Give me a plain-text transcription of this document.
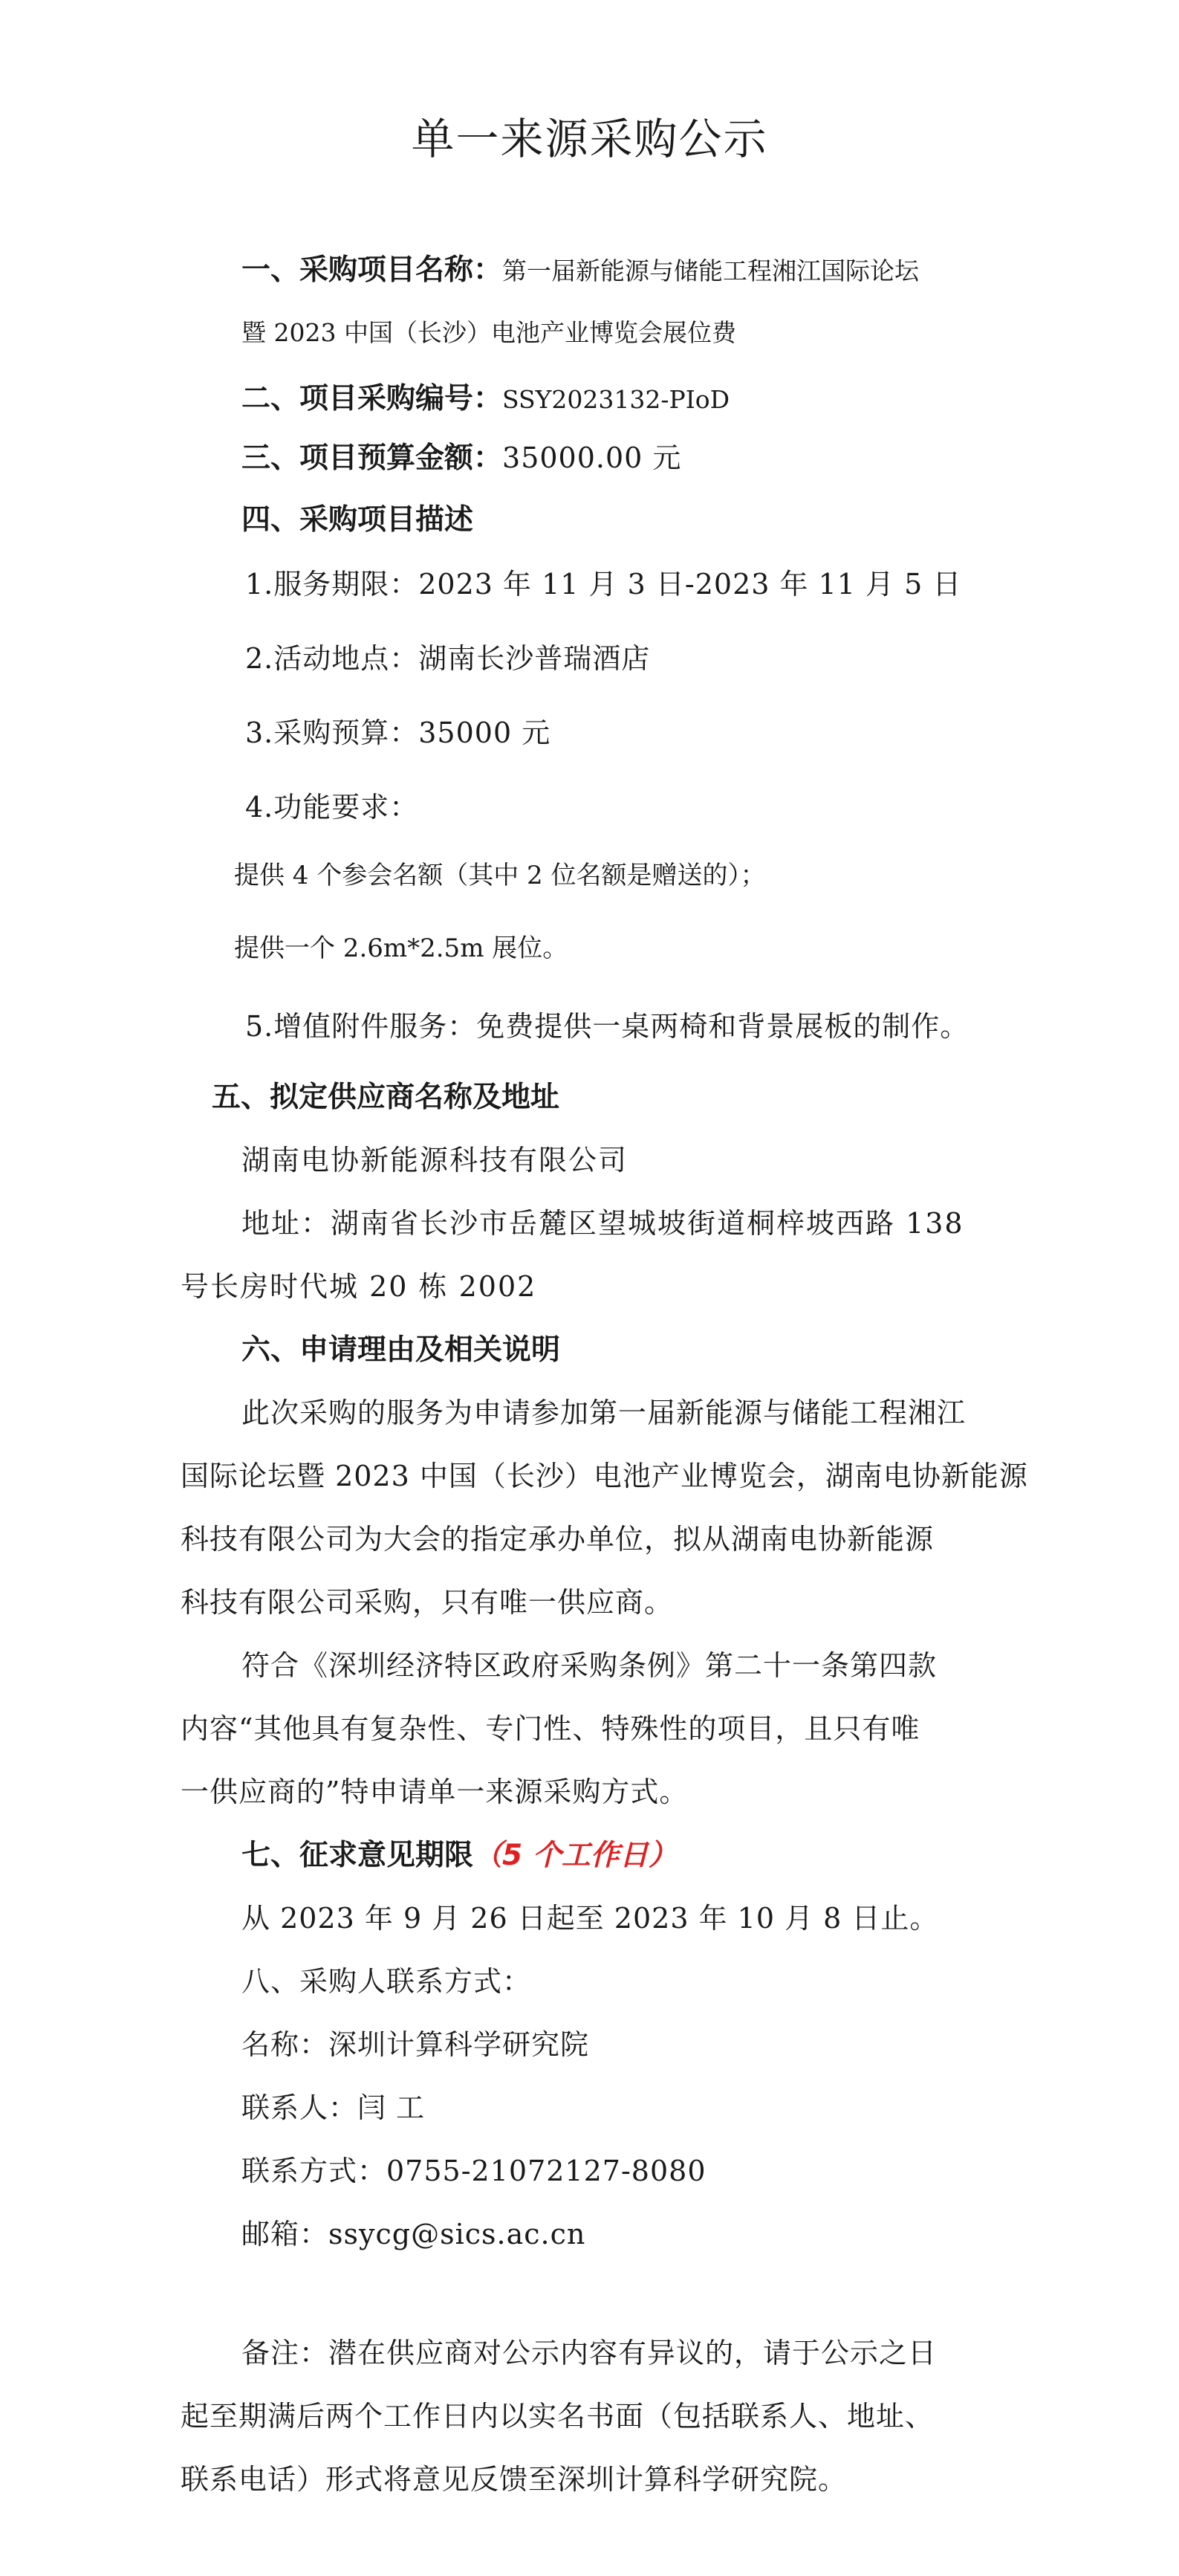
单一来源采购公示
一、采购项目名称：第一届新能源与储能工程湘江国际论坛
暨 2023 中国（长沙）电池产业博览会展位费
二、项目采购编号：SSY2023132-PIoD
三、项目预算金额：35000.00 元
四、采购项目描述
1.服务期限：2023 年 11 月 3 日-2023 年 11 月 5 日
2.活动地点：湖南长沙普瑞酒店
3.采购预算：35000 元
4.功能要求：
提供 4 个参会名额（其中 2 位名额是赠送的）；
提供一个 2.6m*2.5m 展位。
5.增值附件服务：免费提供一桌两椅和背景展板的制作。
五、拟定供应商名称及地址
湖南电协新能源科技有限公司
地址：湖南省长沙市岳麓区望城坡街道桐梓坡西路 138
号长房时代城 20 栋 2002
六、申请理由及相关说明
此次采购的服务为申请参加第一届新能源与储能工程湘江
国际论坛暨 2023 中国（长沙）电池产业博览会，湖南电协新能源
科技有限公司为大会的指定承办单位，拟从湖南电协新能源
科技有限公司采购，只有唯一供应商。
符合《深圳经济特区政府采购条例》第二十一条第四款
内容“其他具有复杂性、专门性、特殊性的项目，且只有唯
一供应商的”特申请单一来源采购方式。
七、征求意见期限（5 个工作日）
从 2023 年 9 月 26 日起至 2023 年 10 月 8 日止。
八、采购人联系方式：
名称：深圳计算科学研究院
联系人：闫 工
联系方式：0755-21072127-8080
邮箱：ssycg@sics.ac.cn
备注：潜在供应商对公示内容有异议的，请于公示之日
起至期满后两个工作日内以实名书面（包括联系人、地址、
联系电话）形式将意见反馈至深圳计算科学研究院。
